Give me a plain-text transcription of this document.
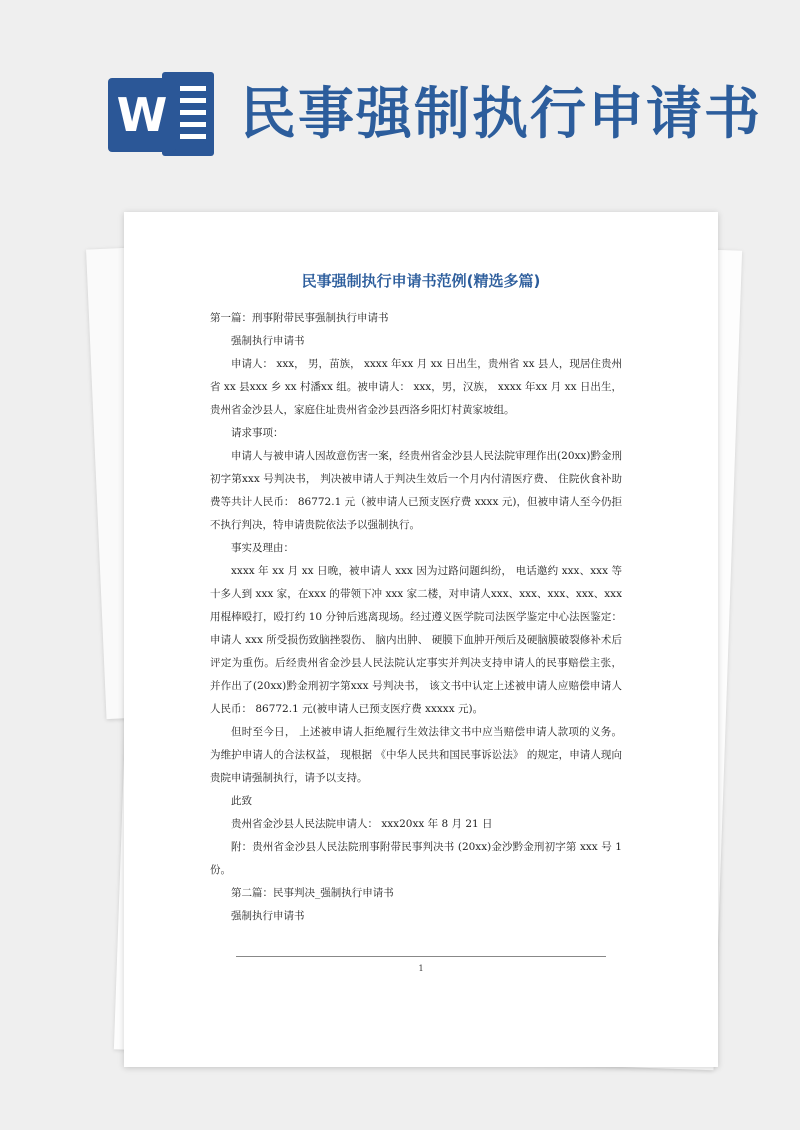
W 民事强制执行申请书
民事强制执行申请书范例(精选多篇)

第一篇：刑事附带民事强制执行申请书

强制执行申请书

申请人： xxx， 男，苗族， xxxx 年xx 月 xx 日出生，贵州省 xx 县人，现居住贵州省 xx 县xxx 乡 xx 村潘xx 组。被申请人： xxx，男，汉族， xxxx 年xx 月 xx 日出生，贵州省金沙县人，家庭住址贵州省金沙县西洛乡阳灯村黄家坡组。

请求事项：

申请人与被申请人因故意伤害一案，经贵州省金沙县人民法院审理作出(20xx)黔金刑初字第xxx 号判决书， 判决被申请人于判决生效后一个月内付清医疗费、 住院伙食补助费等共计人民币： 86772.1 元（被申请人已预支医疗费 xxxx 元)，但被申请人至今仍拒不执行判决，特申请贵院依法予以强制执行。

事实及理由：

xxxx 年 xx 月 xx 日晚，被申请人 xxx 因为过路问题纠纷， 电话邀约 xxx、xxx 等十多人到 xxx 家，在xxx 的带领下冲 xxx 家二楼，对申请人xxx、xxx、xxx、xxx、xxx 用棍棒殴打，殴打约 10 分钟后逃离现场。经过遵义医学院司法医学鉴定中心法医鉴定： 申请人 xxx 所受损伤致脑挫裂伤、 脑内出肿、 硬膜下血肿开颅后及硬脑膜破裂修补术后评定为重伤。后经贵州省金沙县人民法院认定事实并判决支持申请人的民事赔偿主张， 并作出了(20xx)黔金刑初字第xxx 号判决书， 该文书中认定上述被申请人应赔偿申请人人民币： 86772.1 元(被申请人已预支医疗费 xxxxx 元)。

但时至今日， 上述被申请人拒绝履行生效法律文书中应当赔偿申请人款项的义务。 为维护申请人的合法权益， 现根据 《中华人民共和国民事诉讼法》 的规定，申请人现向贵院申请强制执行，请予以支持。

此致

贵州省金沙县人民法院申请人： xxx20xx 年 8 月 21 日

附：贵州省金沙县人民法院刑事附带民事判决书 (20xx)金沙黔金刑初字第 xxx 号 1 份。

第二篇：民事判决_强制执行申请书

强制执行申请书

1
